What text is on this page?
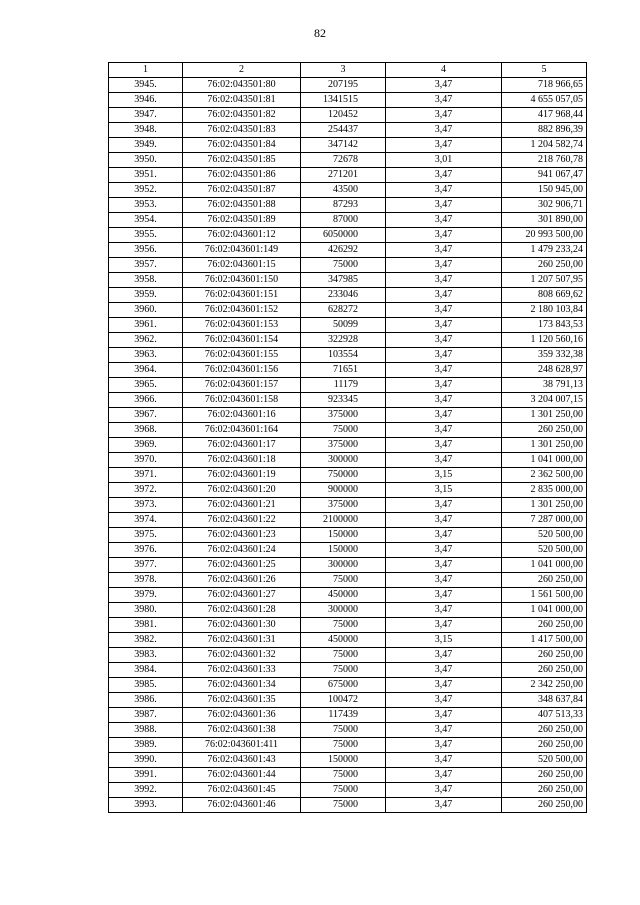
82
1	2	3	4	5
3945.	76:02:043501:80	207195	3,47	718 966,65
3946.	76:02:043501:81	1341515	3,47	4 655 057,05
3947.	76:02:043501:82	120452	3,47	417 968,44
3948.	76:02:043501:83	254437	3,47	882 896,39
3949.	76:02:043501:84	347142	3,47	1 204 582,74
3950.	76:02:043501:85	72678	3,01	218 760,78
3951.	76:02:043501:86	271201	3,47	941 067,47
3952.	76:02:043501:87	43500	3,47	150 945,00
3953.	76:02:043501:88	87293	3,47	302 906,71
3954.	76:02:043501:89	87000	3,47	301 890,00
3955.	76:02:043601:12	6050000	3,47	20 993 500,00
3956.	76:02:043601:149	426292	3,47	1 479 233,24
3957.	76:02:043601:15	75000	3,47	260 250,00
3958.	76:02:043601:150	347985	3,47	1 207 507,95
3959.	76:02:043601:151	233046	3,47	808 669,62
3960.	76:02:043601:152	628272	3,47	2 180 103,84
3961.	76:02:043601:153	50099	3,47	173 843,53
3962.	76:02:043601:154	322928	3,47	1 120 560,16
3963.	76:02:043601:155	103554	3,47	359 332,38
3964.	76:02:043601:156	71651	3,47	248 628,97
3965.	76:02:043601:157	11179	3,47	38 791,13
3966.	76:02:043601:158	923345	3,47	3 204 007,15
3967.	76:02:043601:16	375000	3,47	1 301 250,00
3968.	76:02:043601:164	75000	3,47	260 250,00
3969.	76:02:043601:17	375000	3,47	1 301 250,00
3970.	76:02:043601:18	300000	3,47	1 041 000,00
3971.	76:02:043601:19	750000	3,15	2 362 500,00
3972.	76:02:043601:20	900000	3,15	2 835 000,00
3973.	76:02:043601:21	375000	3,47	1 301 250,00
3974.	76:02:043601:22	2100000	3,47	7 287 000,00
3975.	76:02:043601:23	150000	3,47	520 500,00
3976.	76:02:043601:24	150000	3,47	520 500,00
3977.	76:02:043601:25	300000	3,47	1 041 000,00
3978.	76:02:043601:26	75000	3,47	260 250,00
3979.	76:02:043601:27	450000	3,47	1 561 500,00
3980.	76:02:043601:28	300000	3,47	1 041 000,00
3981.	76:02:043601:30	75000	3,47	260 250,00
3982.	76:02:043601:31	450000	3,15	1 417 500,00
3983.	76:02:043601:32	75000	3,47	260 250,00
3984.	76:02:043601:33	75000	3,47	260 250,00
3985.	76:02:043601:34	675000	3,47	2 342 250,00
3986.	76:02:043601:35	100472	3,47	348 637,84
3987.	76:02:043601:36	117439	3,47	407 513,33
3988.	76:02:043601:38	75000	3,47	260 250,00
3989.	76:02:043601:411	75000	3,47	260 250,00
3990.	76:02:043601:43	150000	3,47	520 500,00
3991.	76:02:043601:44	75000	3,47	260 250,00
3992.	76:02:043601:45	75000	3,47	260 250,00
3993.	76:02:043601:46	75000	3,47	260 250,00
